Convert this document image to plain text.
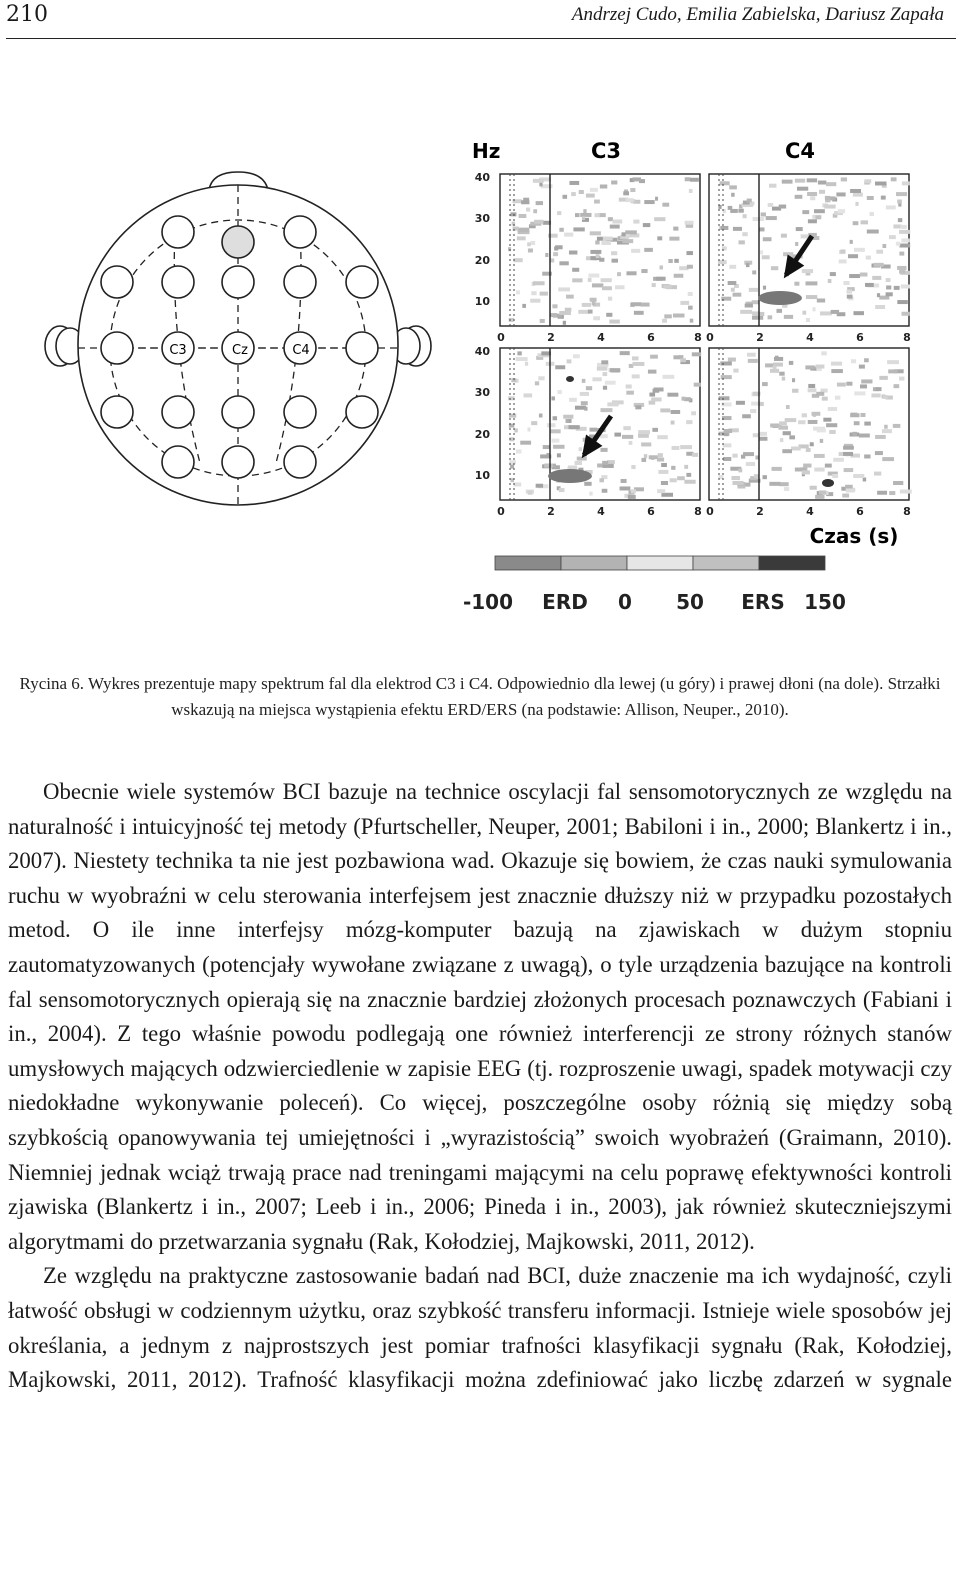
210	Andrzej Cudo, Emilia Zabielska, Dariusz Zapała
C3	Cz	C4
Hz	C3	C4
40
30
20
10
40
30
20
10
0	2	4	6	8 0	2	4	6	8
0	2	4	6	8 0	2	4	6	8
Czas (s)
-100 ERD 0 50 ERS 150
Rycina 6. Wykres prezentuje mapy spektrum fal dla elektrod C3 i C4. Odpowiednio dla lewej (u góry) i prawej dłoni (na dole). Strzałki wskazują na miejsca wystąpienia efektu ERD/ERS (na podstawie: Allison, Neuper., 2010).

Obecnie wiele systemów BCI bazuje na technice oscylacji fal sensomotorycznych ze względu na naturalność i intuicyjność tej metody (Pfurtscheller, Neuper, 2001; Babiloni i in., 2000; Blankertz i in., 2007). Niestety technika ta nie jest pozbawiona wad. Okazuje się bowiem, że czas nauki symulowania ruchu w wyobraźni w celu sterowania interfejsem jest znacznie dłuższy niż w przypadku pozostałych metod. O ile inne interfejsy mózg-komputer bazują na zjawiskach w dużym stopniu zautomatyzowanych (potencjały wywołane związane z uwagą), o tyle urządzenia bazujące na kontroli fal sensomotorycznych opierają się na znacznie bardziej złożonych procesach poznawczych (Fabiani i in., 2004). Z tego właśnie powodu podlegają one również interferencji ze strony różnych stanów umysłowych mających odzwierciedlenie w zapisie EEG (tj. rozproszenie uwagi, spadek motywacji czy niedokładne wykonywanie poleceń). Co więcej, poszczególne osoby różnią się między sobą szybkością opanowywania tej umiejętności i „wyrazistością” swoich wyobrażeń (Graimann, 2010). Niemniej jednak wciąż trwają prace nad treningami mającymi na celu poprawę efektywności kontroli zjawiska (Blankertz i in., 2007; Leeb i in., 2006; Pineda i in., 2003), jak również skuteczniejszymi algorytmami do przetwarzania sygnału (Rak, Kołodziej, Majkowski, 2011, 2012).

Ze względu na praktyczne zastosowanie badań nad BCI, duże znaczenie ma ich wydajność, czyli łatwość obsługi w codziennym użytku, oraz szybkość transferu informacji. Istnieje wiele sposobów jej określania, a jednym z najprostszych jest pomiar trafności klasyfikacji sygnału (Rak, Kołodziej, Majkowski, 2011, 2012). Trafność klasyfikacji można zdefiniować jako liczbę zdarzeń w sygnale
